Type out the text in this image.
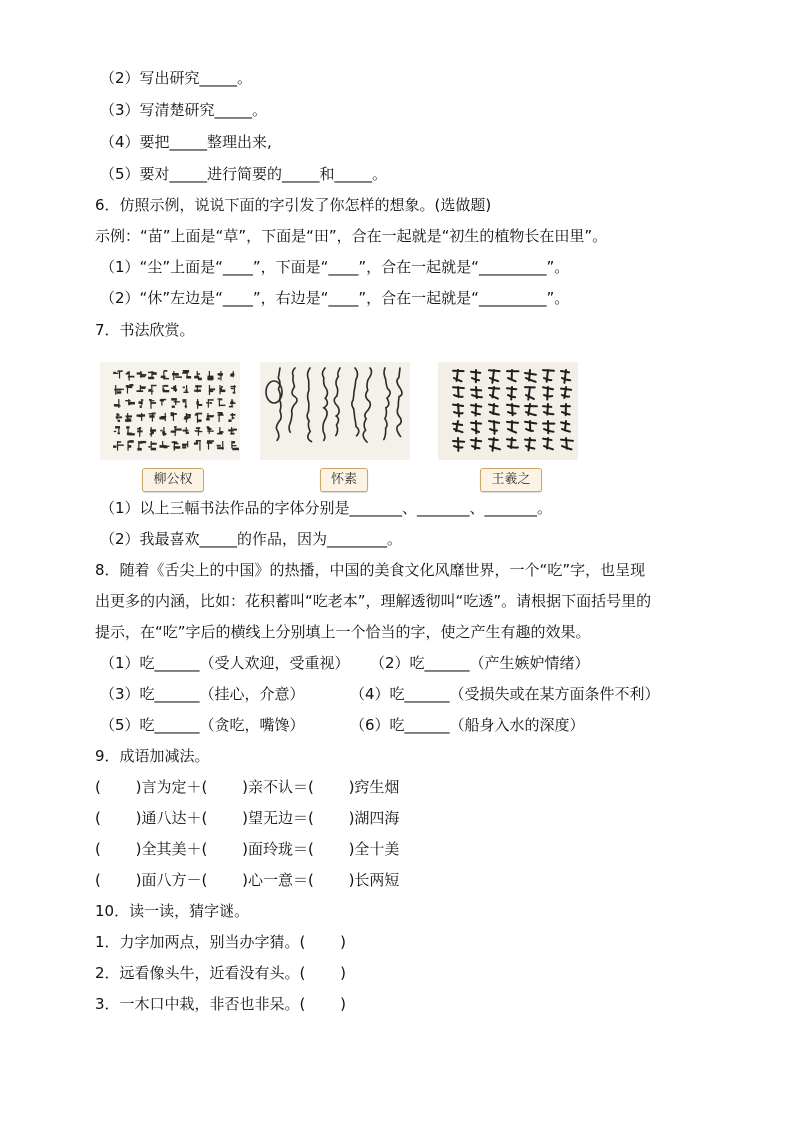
（2）写出研究_____。
（3）写清楚研究_____。
（4）要把_____整理出来,
（5）要对_____进行简要的_____和_____。
6．仿照示例，说说下面的字引发了你怎样的想象。(选做题)
示例：“苗”上面是“草”，下面是“田”，合在一起就是“初生的植物长在田里”。
（1）“尘”上面是“____”，下面是“____”，合在一起就是“_________”。
（2）“休”左边是“____”，右边是“____”，合在一起就是“_________”。
7．书法欣赏。
（1）以上三幅书法作品的字体分别是_______、_______、_______。
（2）我最喜欢_____的作品，因为________。
8．随着《舌尖上的中国》的热播，中国的美食文化风靡世界，一个“吃”字，也呈现
出更多的内涵，比如：花积蓄叫“吃老本”，理解透彻叫“吃透”。请根据下面括号里的
提示，在“吃”字后的横线上分别填上一个恰当的字，使之产生有趣的效果。
（1）吃______（受人欢迎，受重视） （2）吃______（产生嫉妒情绪）
（3）吃______（挂心，介意）	（4）吃______（受损失或在某方面条件不利）
（5）吃______（贪吃，嘴馋）	（6）吃______（船身入水的深度）
9．成语加减法。
(　　 )言为定＋(　　 )亲不认＝(　　 )窍生烟
(　　 )通八达＋(　　 )望无边＝(　　 )湖四海
(　　 )全其美＋(　　 )面玲珑＝(　　 )全十美
(　　 )面八方－(　　 )心一意＝(　　 )长两短
10．读一读，猜字谜。
1．力字加两点，别当办字猜。(　　 )
2．远看像头牛，近看没有头。(　　 )
3．一木口中栽，非否也非呆。(　　 )
柳公权	怀素	王羲之
